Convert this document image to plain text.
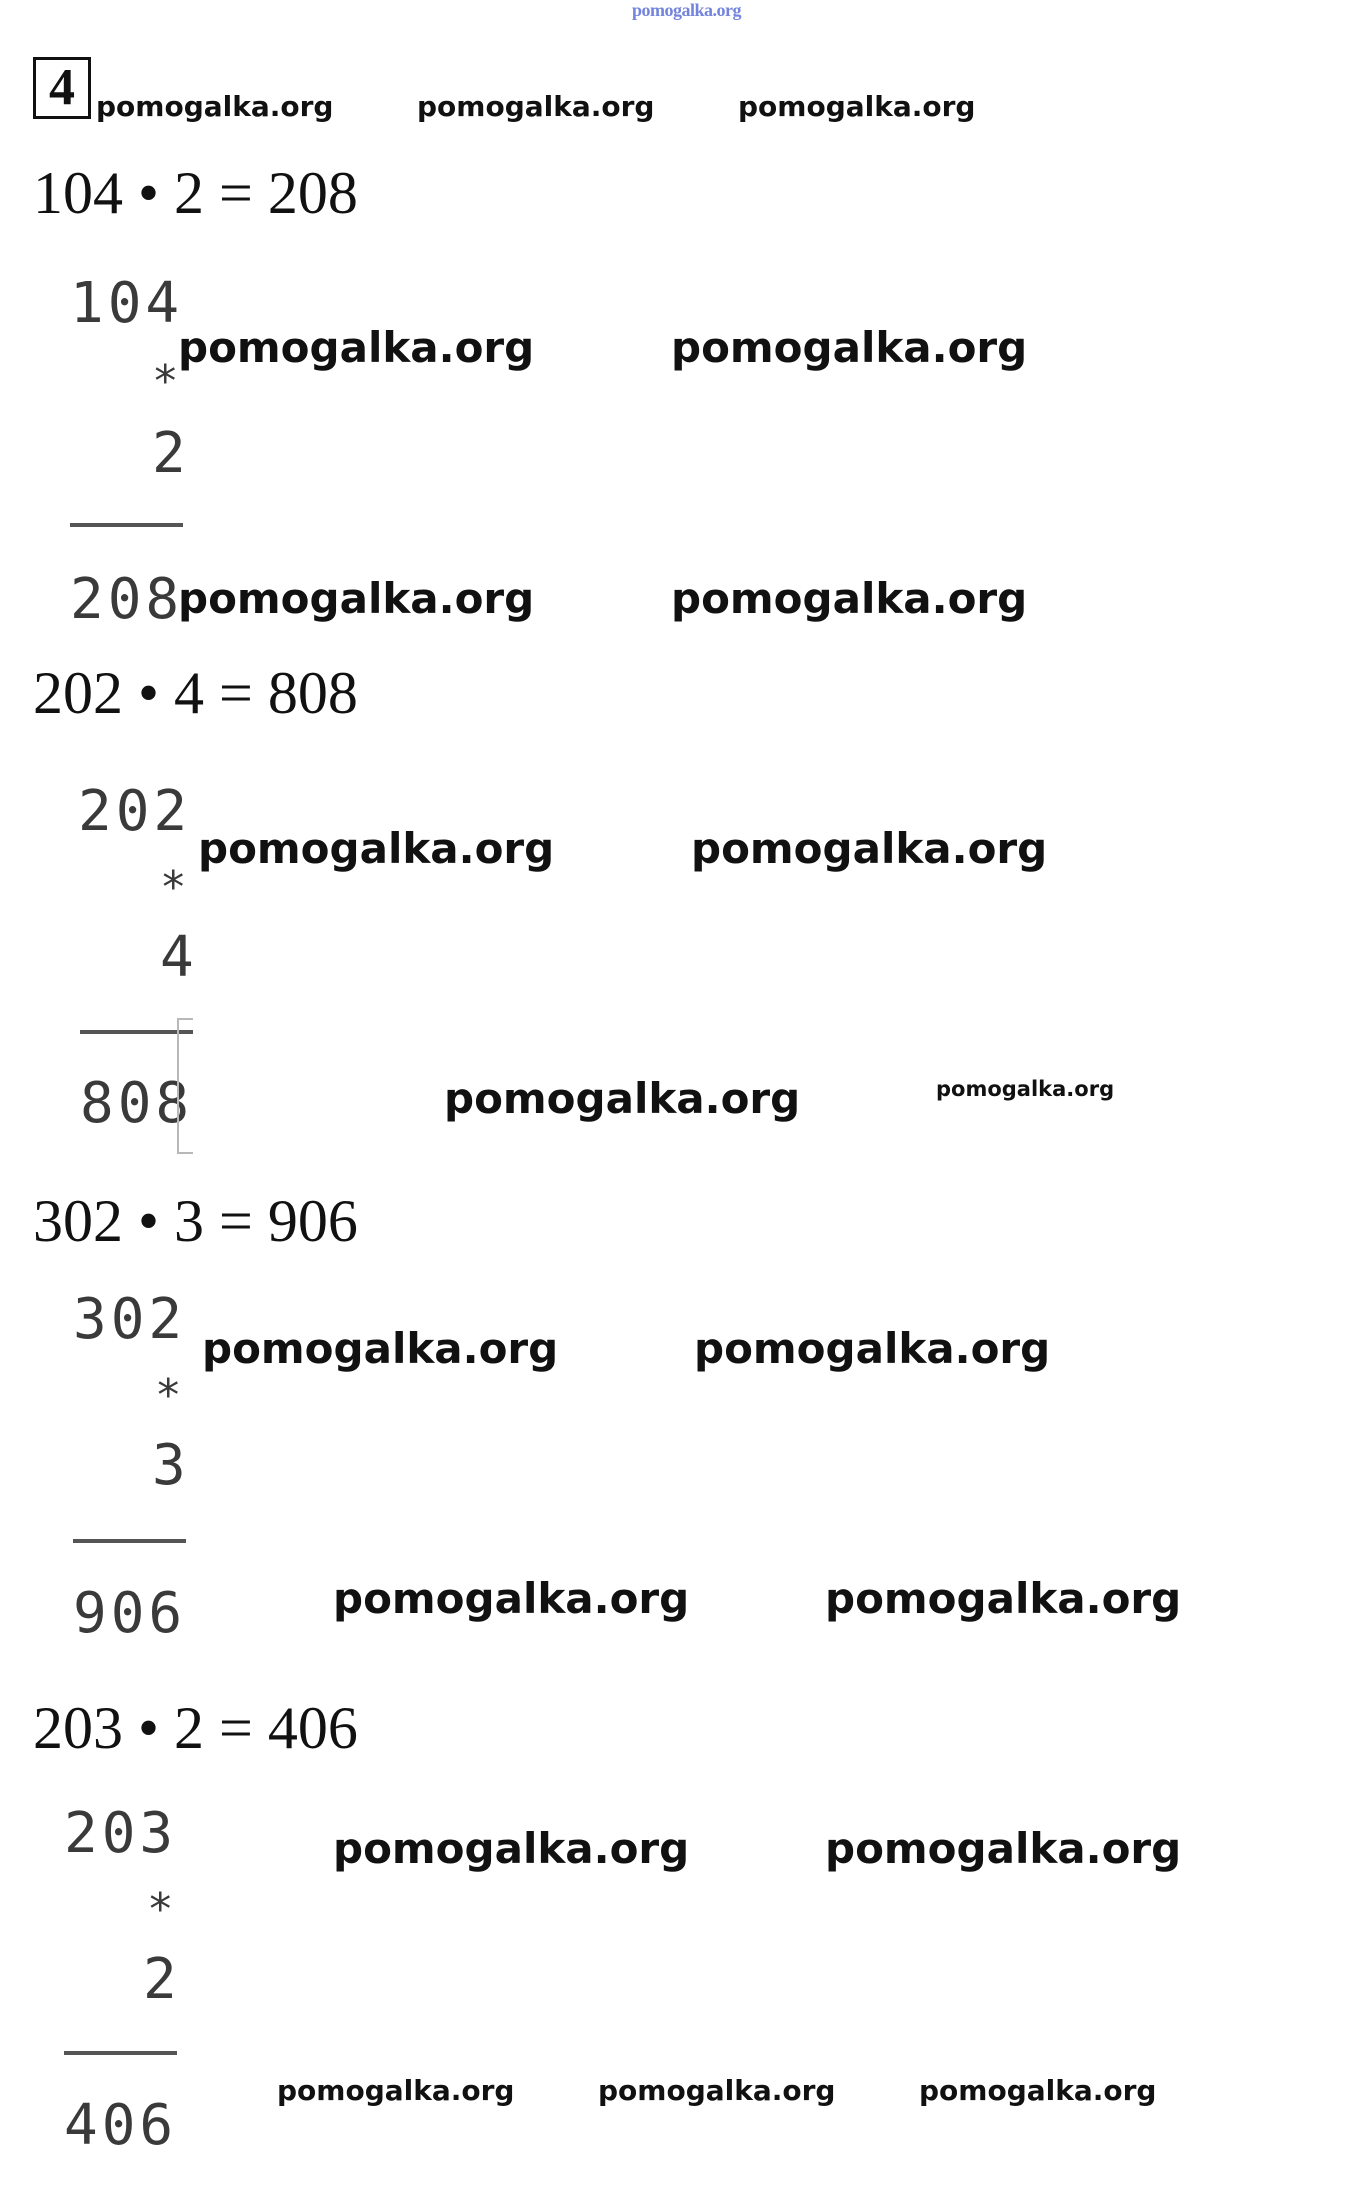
pomogalka.org
4 pomogalka.org	pomogalka.org	pomogalka.org
104 • 2 = 208
104
*
2
208
pomogalka.org	pomogalka.org
pomogalka.org	pomogalka.org
202 • 4 = 808
202
*
4
808
pomogalka.org	pomogalka.org
pomogalka.org	pomogalka.org
302 • 3 = 906
302
*
3
906
pomogalka.org	pomogalka.org
pomogalka.org	pomogalka.org
203 • 2 = 406
203
*
2
406
pomogalka.org	pomogalka.org
pomogalka.org	pomogalka.org	pomogalka.org
